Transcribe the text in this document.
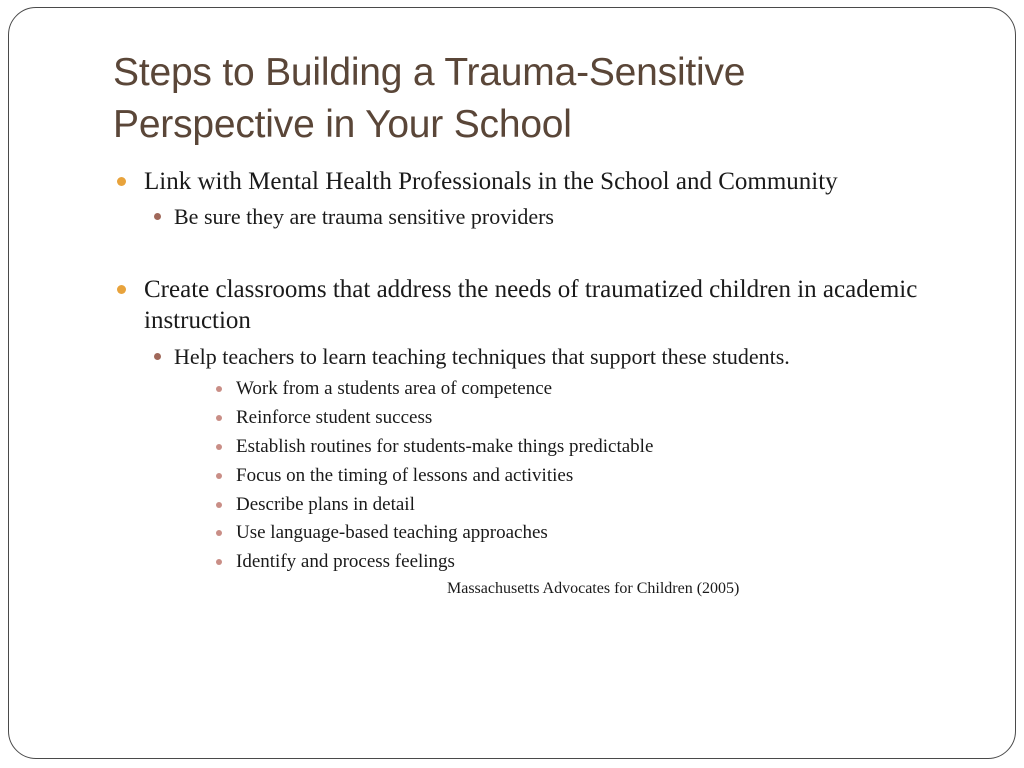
Steps to Building a Trauma-Sensitive
Perspective in Your School

Link with Mental Health Professionals in the School and Community

Be sure they are trauma sensitive providers

Create classrooms that address the needs of traumatized children in academic instruction

Help teachers to learn teaching techniques that support these students.

Work from a students area of competence

Reinforce student success

Establish routines for students-make things predictable

Focus on the timing of lessons and activities

Describe plans in detail

Use language-based teaching approaches

Identify and process feelings

Massachusetts Advocates for Children (2005)
